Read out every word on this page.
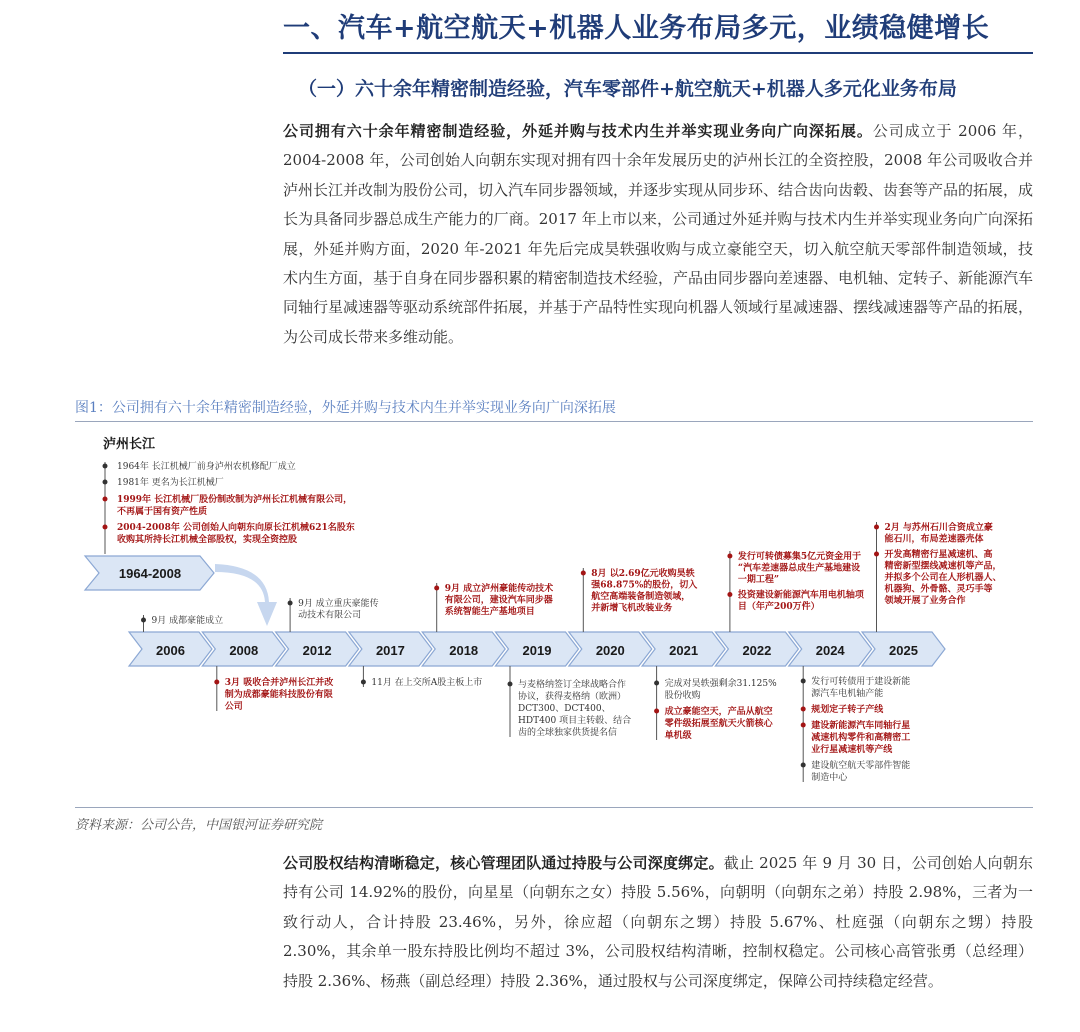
一、汽车+航空航天+机器人业务布局多元，业绩稳健增长
（一）六十余年精密制造经验，汽车零部件+航空航天+机器人多元化业务布局
公司拥有六十余年精密制造经验，外延并购与技术内生并举实现业务向广向深拓展。公司成立于 2006 年，2004-2008 年，公司创始人向朝东实现对拥有四十余年发展历史的泸州长江的全资控股，2008 年公司吸收合并泸州长江并改制为股份公司，切入汽车同步器领域，并逐步实现从同步环、结合齿向齿毂、齿套等产品的拓展，成长为具备同步器总成生产能力的厂商。2017 年上市以来，公司通过外延并购与技术内生并举实现业务向广向深拓展，外延并购方面，2020 年-2021 年先后完成昊轶强收购与成立豪能空天，切入航空航天零部件制造领域，技术内生方面，基于自身在同步器积累的精密制造技术经验，产品由同步器向差速器、电机轴、定转子、新能源汽车同轴行星减速器等驱动系统部件拓展，并基于产品特性实现向机器人领域行星减速器、摆线减速器等产品的拓展，为公司成长带来多维动能。
图1：公司拥有六十余年精密制造经验，外延并购与技术内生并举实现业务向广向深拓展
泸州长江
1964年 长江机械厂前身泸州农机修配厂成立
1981年 更名为长江机械厂
1999年 长江机械厂股份制改制为泸州长江机械有限公司，
不再属于国有资产性质
2004-2008年 公司创始人向朝东向原长江机械621名股东
收购其所持长江机械全部股权，实现全资控股
1964-2008
2006	2008	2012	2017	2018	2019	2020	2021	2022	2024	2025
9月 成都豪能成立
9月 成立重庆豪能传
动技术有限公司
9月 成立泸州豪能传动技术
有限公司，建设汽车同步器
系统智能生产基地项目
8月 以2.69亿元收购昊轶
强68.875%的股份，切入
航空高端装备制造领域，
并新增飞机改装业务
发行可转债募集5亿元资金用于
“汽车差速器总成生产基地建设
一期工程”
投资建设新能源汽车用电机轴项
目（年产200万件）
2月 与苏州石川合资成立豪
能石川，布局差速器壳体
开发高精密行星减速机、高
精密新型摆线减速机等产品，
并拟多个公司在人形机器人、
机器狗、外骨骼、灵巧手等
领域开展了业务合作
3月 吸收合并泸州长江并改
制为成都豪能科技股份有限
公司
11月 在上交所A股主板上市	与麦格纳签订全球战略合作
协议，获得麦格纳（欧洲）
DCT300、DCT400、
HDT400 项目主转毂、结合
齿的全球独家供货提名信
完成对昊轶强剩余31.125%
股份收购
成立豪能空天，产品从航空
零件级拓展至航天火箭核心
单机级
发行可转债用于建设新能
源汽车电机轴产能
规划定子转子产线
建设新能源汽车同轴行星
减速机构零件和高精密工
业行星减速机等产线
建设航空航天零部件智能
制造中心
资料来源：公司公告，中国银河证券研究院
公司股权结构清晰稳定，核心管理团队通过持股与公司深度绑定。截止 2025 年 9 月 30 日，公司创始人向朝东持有公司 14.92%的股份，向星星（向朝东之女）持股 5.56%，向朝明（向朝东之弟）持股 2.98%，三者为一致行动人，合计持股 23.46%，另外，徐应超（向朝东之甥）持股 5.67%、杜庭强（向朝东之甥）持股 2.30%，其余单一股东持股比例均不超过 3%，公司股权结构清晰，控制权稳定。公司核心高管张勇（总经理）持股 2.36%、杨燕（副总经理）持股 2.36%，通过股权与公司深度绑定，保障公司持续稳定经营。
